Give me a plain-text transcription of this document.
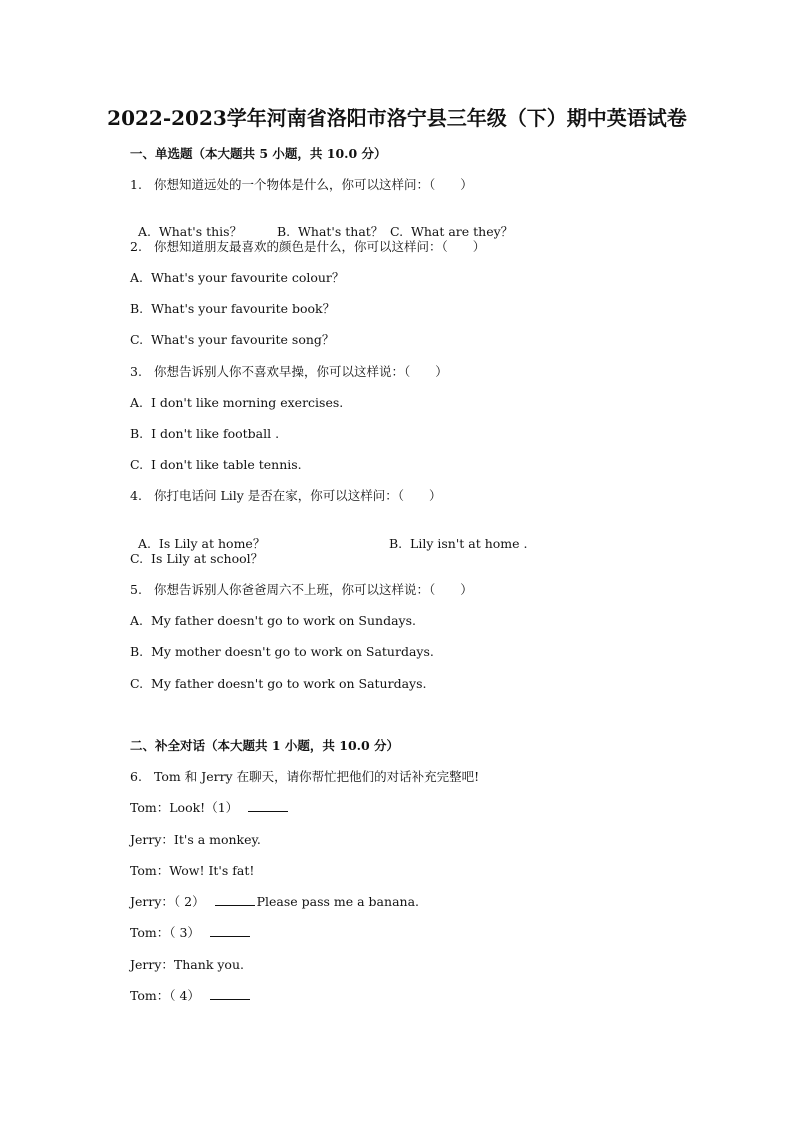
2022-2023学年河南省洛阳市洛宁县三年级（下）期中英语试卷
一、单选题（本大题共 5 小题，共 10.0 分）
1. 你想知道远处的一个物体是什么，你可以这样问：（　　）

A.  What's this？	B.  What's that？ C.  What are they？

2. 你想知道朋友最喜欢的颜色是什么，你可以这样问：（　　）
A.  What's your favourite colour？
B.  What's your favourite book？
C.  What's your favourite song？
3. 你想告诉别人你不喜欢早操，你可以这样说：（　　）
A.  I don't like morning exercises.
B.  I don't like football .
C.  I don't like table tennis.
4. 你打电话问 Lily 是否在家，你可以这样问：（　　）

A.  Is Lily at home？	B.  Lily isn't at home .

C.  Is Lily at school？
5. 你想告诉别人你爸爸周六不上班，你可以这样说：（　　）
A.  My father doesn't go to work on Sundays.
B.  My mother doesn't go to work on Saturdays.
C.  My father doesn't go to work on Saturdays.
二、补全对话（本大题共 1 小题，共 10.0 分）
6. Tom 和 Jerry 在聊天，请你帮忙把他们的对话补充完整吧!
Tom：Look!（1）
Jerry：It's a monkey.
Tom：Wow! It's fat!
Jerry：（ 2）	Please pass me a banana.
Tom：（ 3）
Jerry：Thank you.
Tom：（ 4）
